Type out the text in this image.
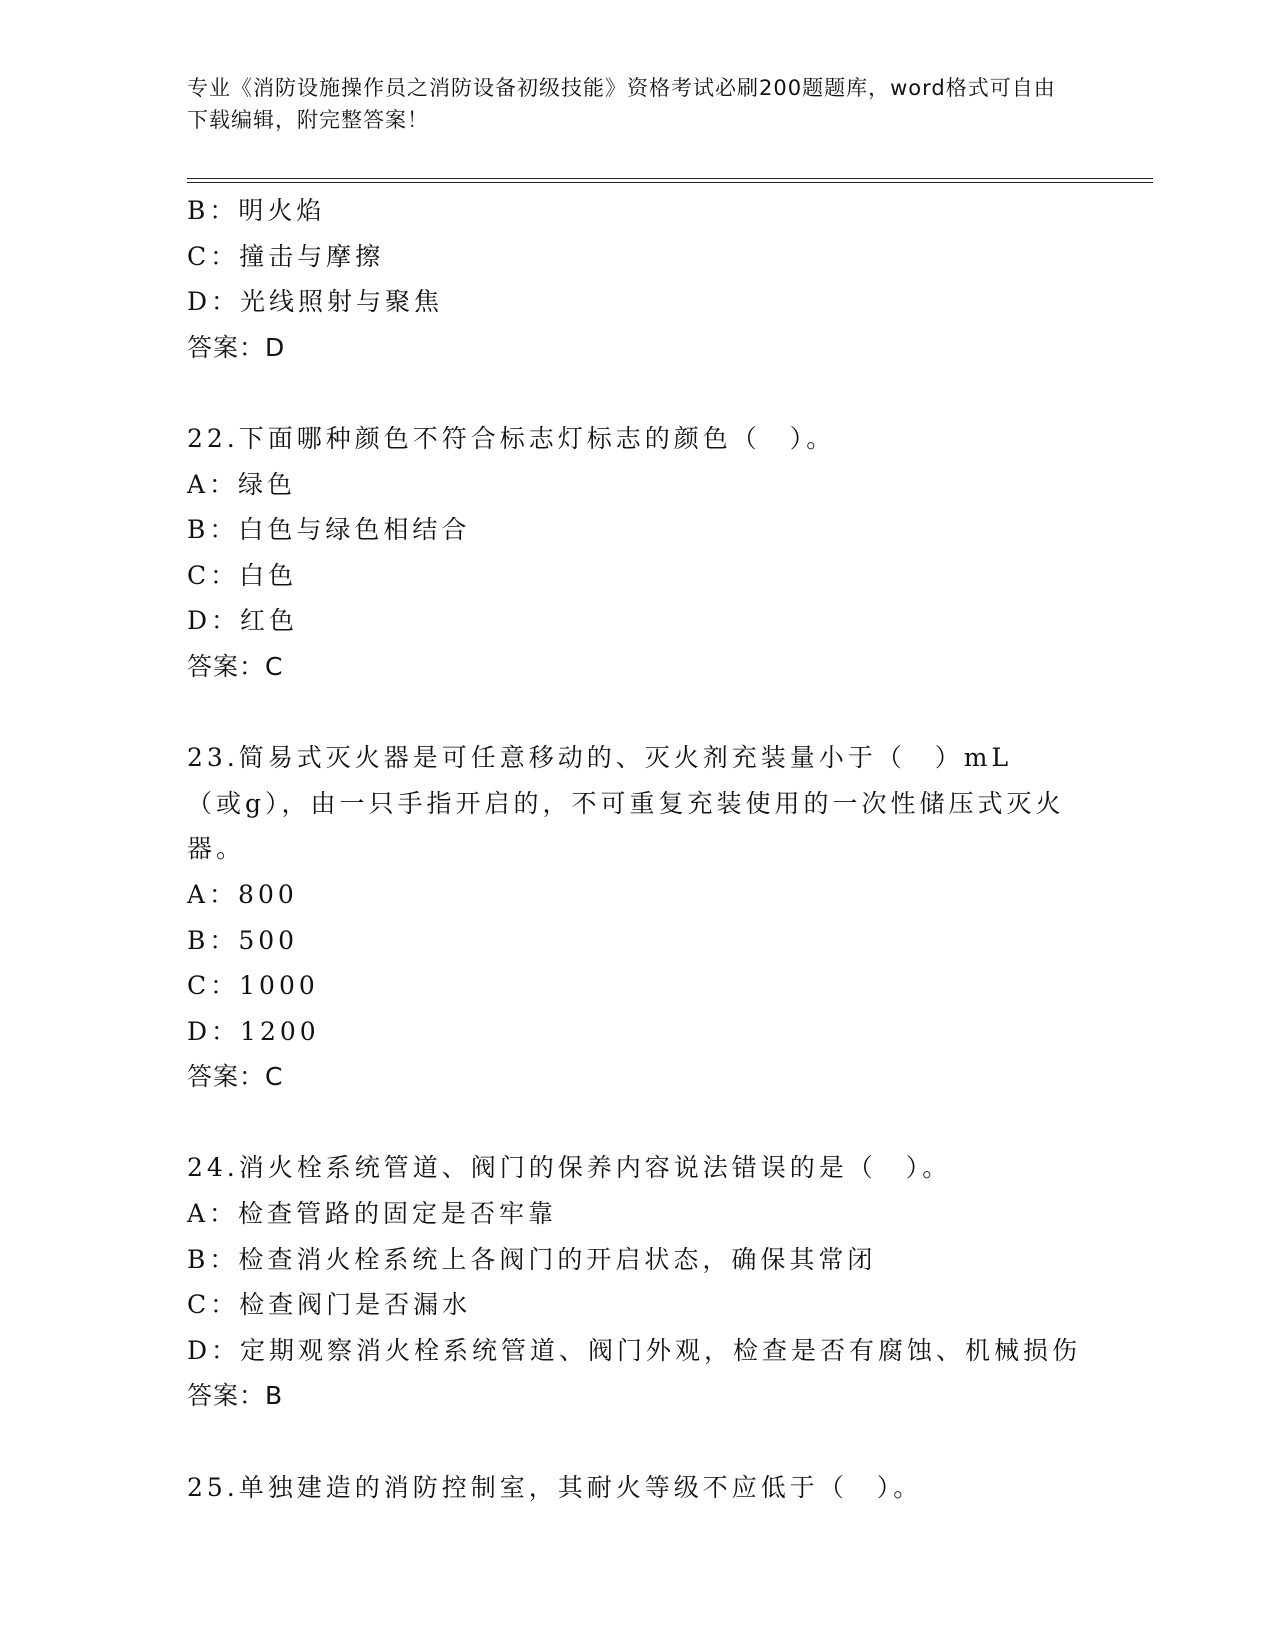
专业《消防设施操作员之消防设备初级技能》资格考试必刷200题题库，word格式可自由下载编辑，附完整答案！
B：明火焰
C：撞击与摩擦
D：光线照射与聚焦
答案：D
22.下面哪种颜色不符合标志灯标志的颜色（　）。
A：绿色
B：白色与绿色相结合
C：白色
D：红色
答案：C
23.简易式灭火器是可任意移动的、灭火剂充装量小于（　）mL（或g），由一只手指开启的，不可重复充装使用的一次性储压式灭火器。
A：800
B：500
C：1000
D：1200
答案：C
24.消火栓系统管道、阀门的保养内容说法错误的是（　）。
A：检查管路的固定是否牢靠
B：检查消火栓系统上各阀门的开启状态，确保其常闭
C：检查阀门是否漏水
D：定期观察消火栓系统管道、阀门外观，检查是否有腐蚀、机械损伤
答案：B
25.单独建造的消防控制室，其耐火等级不应低于（　）。
